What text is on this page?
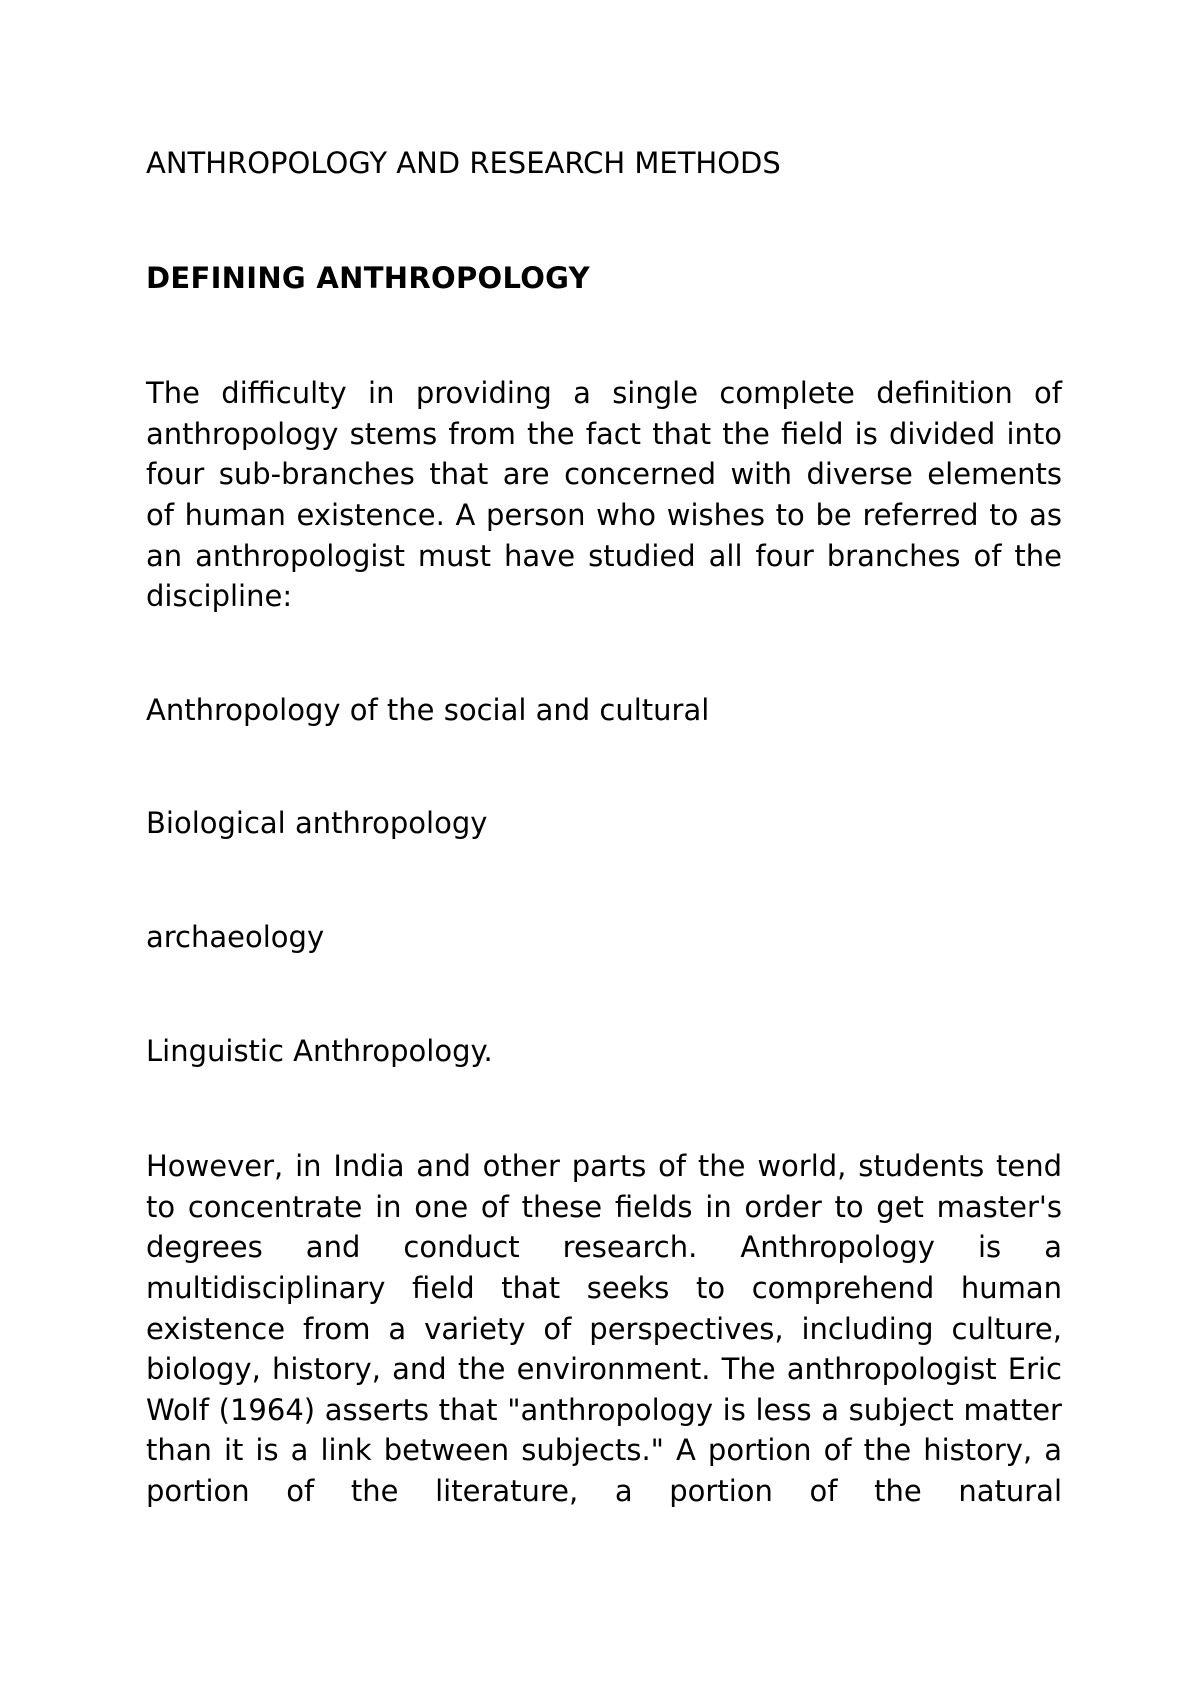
ANTHROPOLOGY AND RESEARCH METHODS

DEFINING ANTHROPOLOGY

The difficulty in providing a single complete definition of anthropology stems from the fact that the field is divided into four sub-branches that are concerned with diverse elements of human existence. A person who wishes to be referred to as an anthropologist must have studied all four branches of the discipline:

Anthropology of the social and cultural
Biological anthropology
archaeology
Linguistic Anthropology.

However, in India and other parts of the world, students tend to concentrate in one of these fields in order to get master's degrees and conduct research. Anthropology is a multidisciplinary field that seeks to comprehend human existence from a variety of perspectives, including culture, biology, history, and the environment. The anthropologist Eric Wolf (1964) asserts that "anthropology is less a subject matter than it is a link between subjects." A portion of the history, a portion of the literature, a portion of the natural
